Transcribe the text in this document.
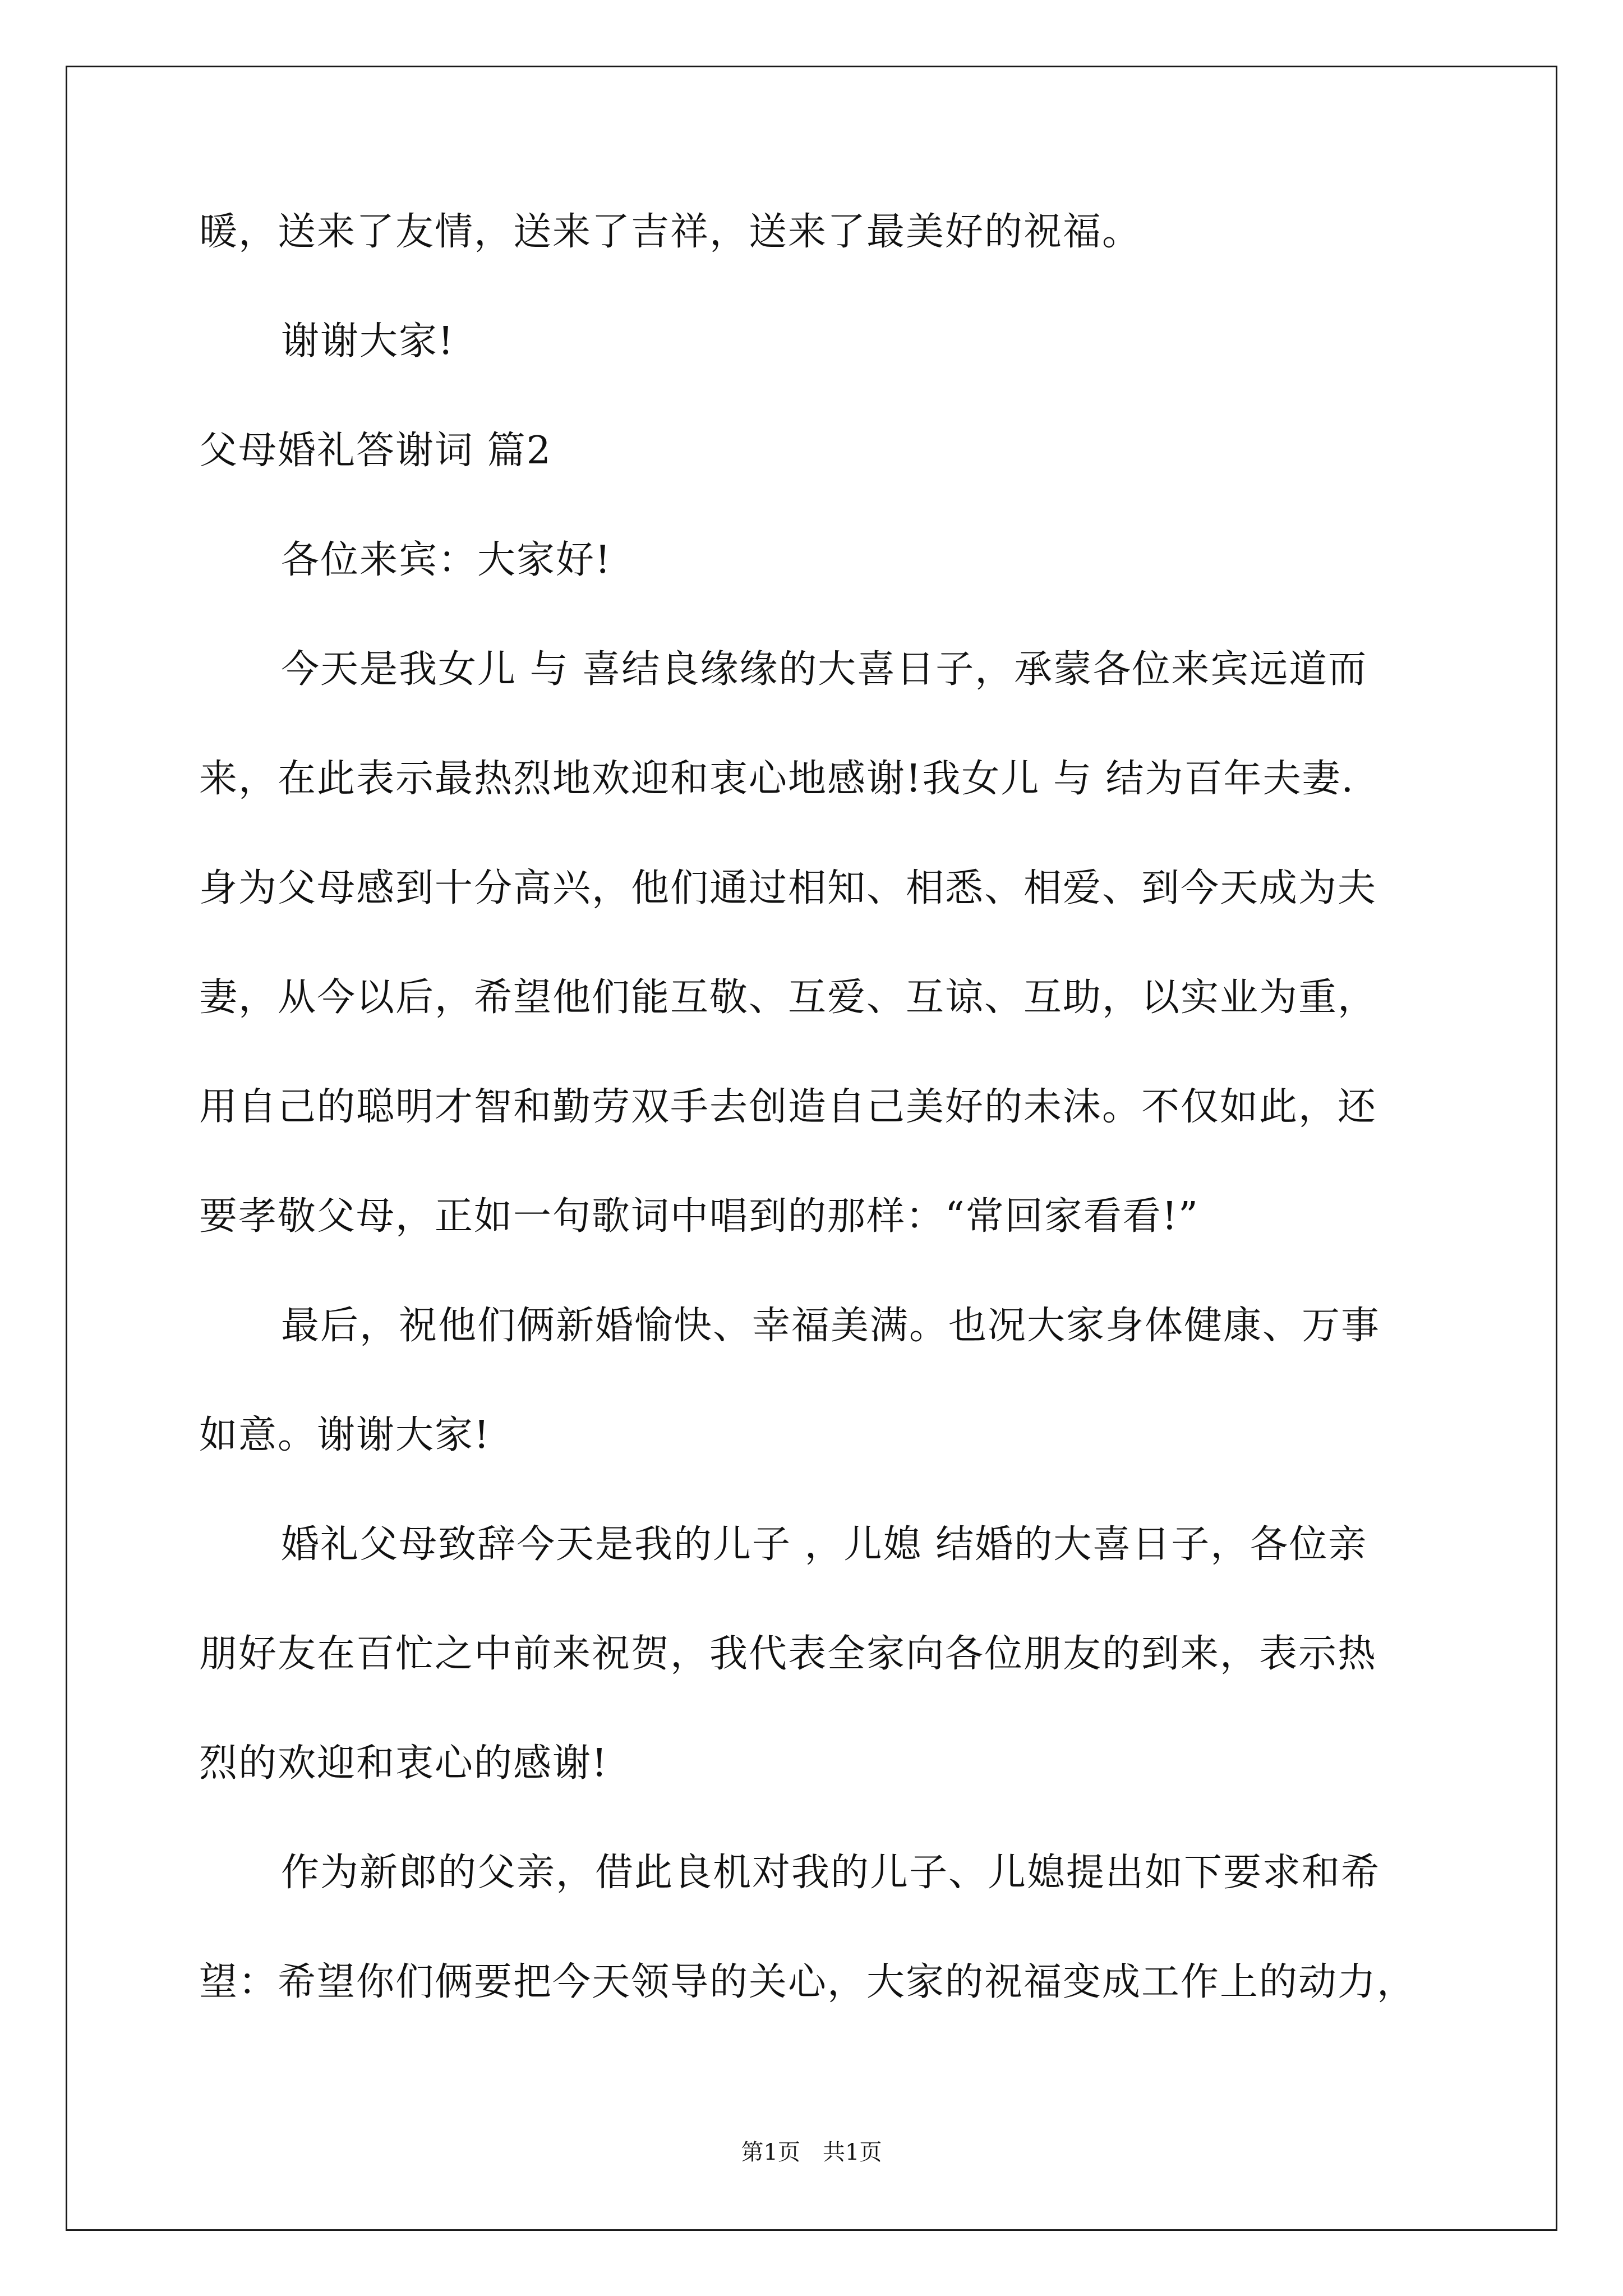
暖，送来了友情，送来了吉祥，送来了最美好的祝福。
谢谢大家!
父母婚礼答谢词 篇2
各位来宾：大家好!
今天是我女儿 与 喜结良缘缘的大喜日子，承蒙各位来宾远道而
来，在此表示最热烈地欢迎和衷心地感谢!我女儿 与 结为百年夫妻.
身为父母感到十分高兴，他们通过相知、相悉、相爱、到今天成为夫
妻，从今以后，希望他们能互敬、互爱、互谅、互助，以实业为重，
用自己的聪明才智和勤劳双手去创造自己美好的未沬。不仅如此，还
要孝敬父母，正如一句歌词中唱到的那样：“常回家看看!”
最后，祝他们俩新婚愉快、幸福美满。也况大家身体健康、万事
如意。谢谢大家!
婚礼父母致辞今天是我的儿子 ，儿媳 结婚的大喜日子，各位亲
朋好友在百忙之中前来祝贺，我代表全家向各位朋友的到来，表示热
烈的欢迎和衷心的感谢!
作为新郎的父亲，借此良机对我的儿子、儿媳提出如下要求和希
望：希望你们俩要把今天领导的关心，大家的祝福变成工作上的动力，
第1页　共1页
